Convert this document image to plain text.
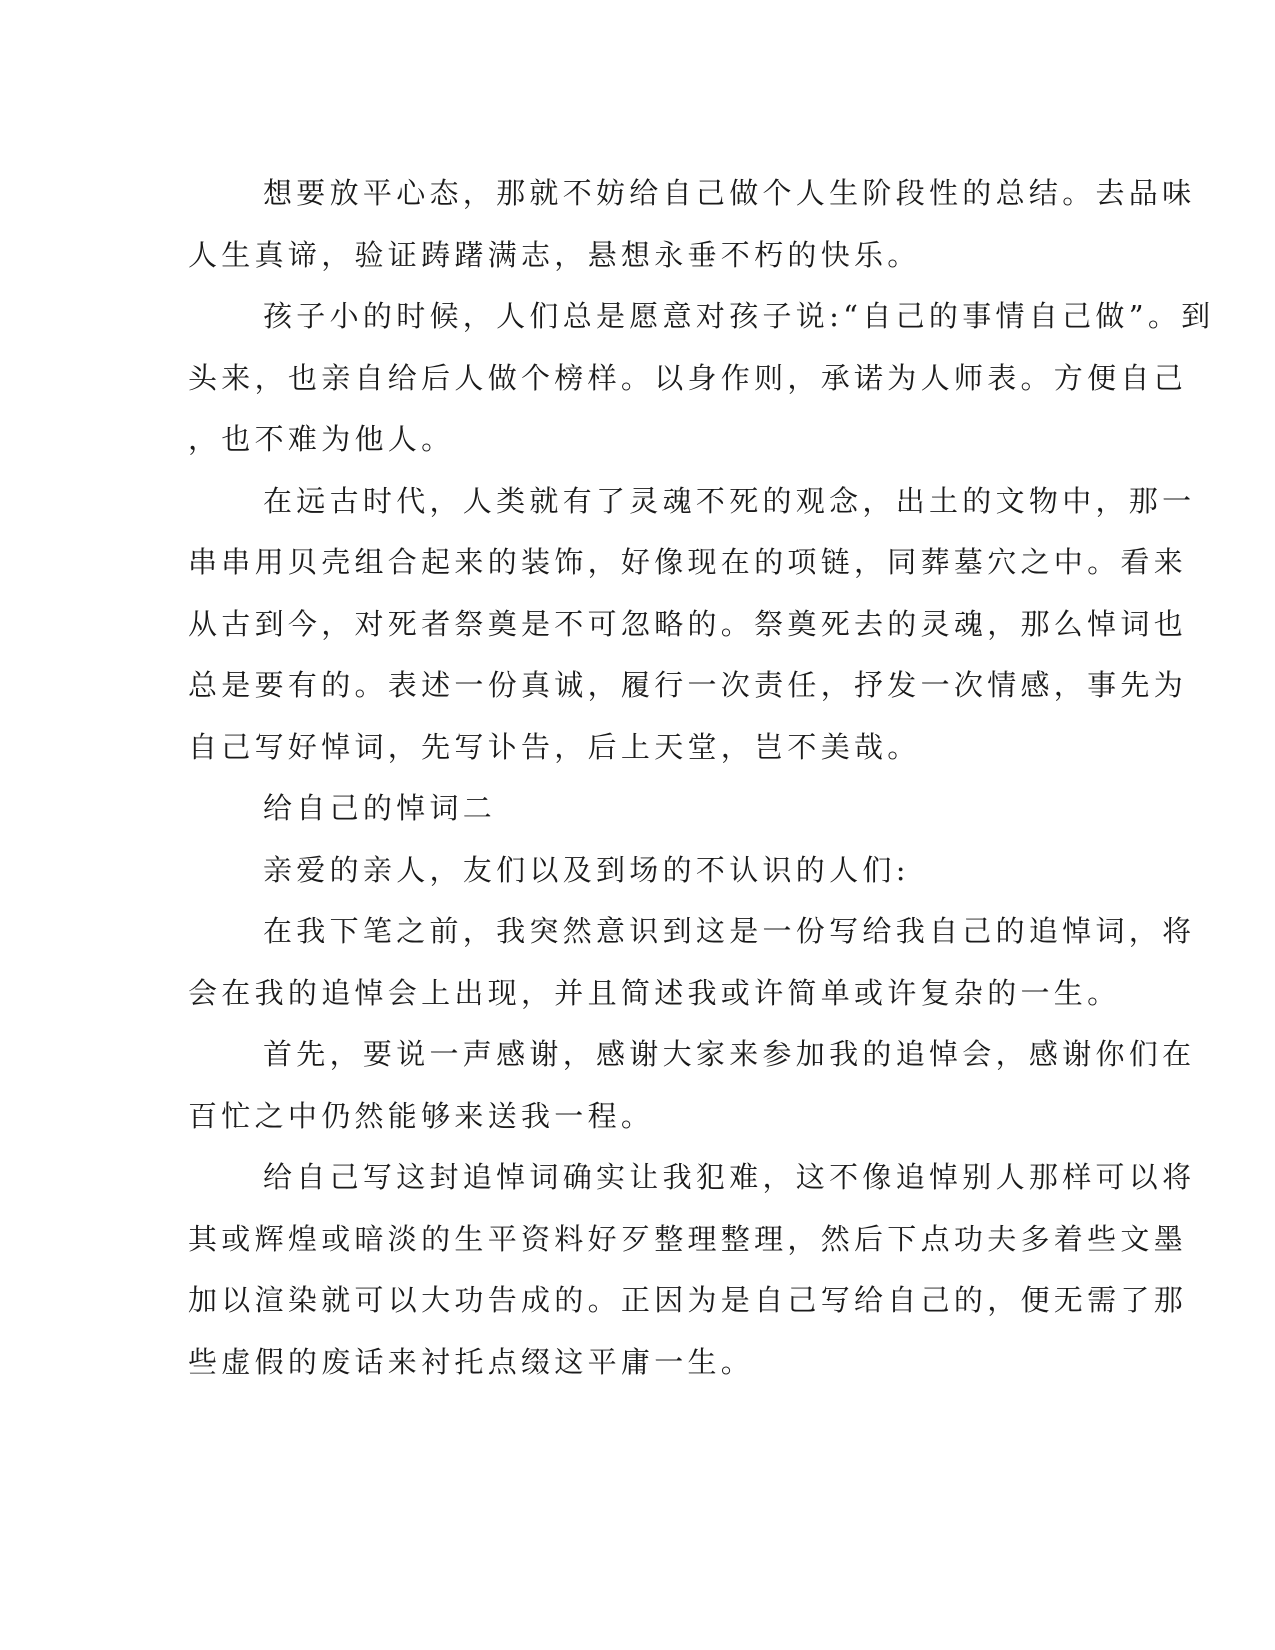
想要放平心态，那就不妨给自己做个人生阶段性的总结。去品味
人生真谛，验证踌躇满志，悬想永垂不朽的快乐。
孩子小的时候，人们总是愿意对孩子说:“自己的事情自己做”。到
头来，也亲自给后人做个榜样。以身作则，承诺为人师表。方便自己
，也不难为他人。
在远古时代，人类就有了灵魂不死的观念，出土的文物中，那一
串串用贝壳组合起来的装饰，好像现在的项链，同葬墓穴之中。看来
从古到今，对死者祭奠是不可忽略的。祭奠死去的灵魂，那么悼词也
总是要有的。表述一份真诚，履行一次责任，抒发一次情感，事先为
自己写好悼词，先写讣告，后上天堂，岂不美哉。
给自己的悼词二
亲爱的亲人，友们以及到场的不认识的人们:
在我下笔之前，我突然意识到这是一份写给我自己的追悼词，将
会在我的追悼会上出现，并且简述我或许简单或许复杂的一生。
首先，要说一声感谢，感谢大家来参加我的追悼会，感谢你们在
百忙之中仍然能够来送我一程。
给自己写这封追悼词确实让我犯难，这不像追悼别人那样可以将
其或辉煌或暗淡的生平资料好歹整理整理，然后下点功夫多着些文墨
加以渲染就可以大功告成的。正因为是自己写给自己的，便无需了那
些虚假的废话来衬托点缀这平庸一生。
